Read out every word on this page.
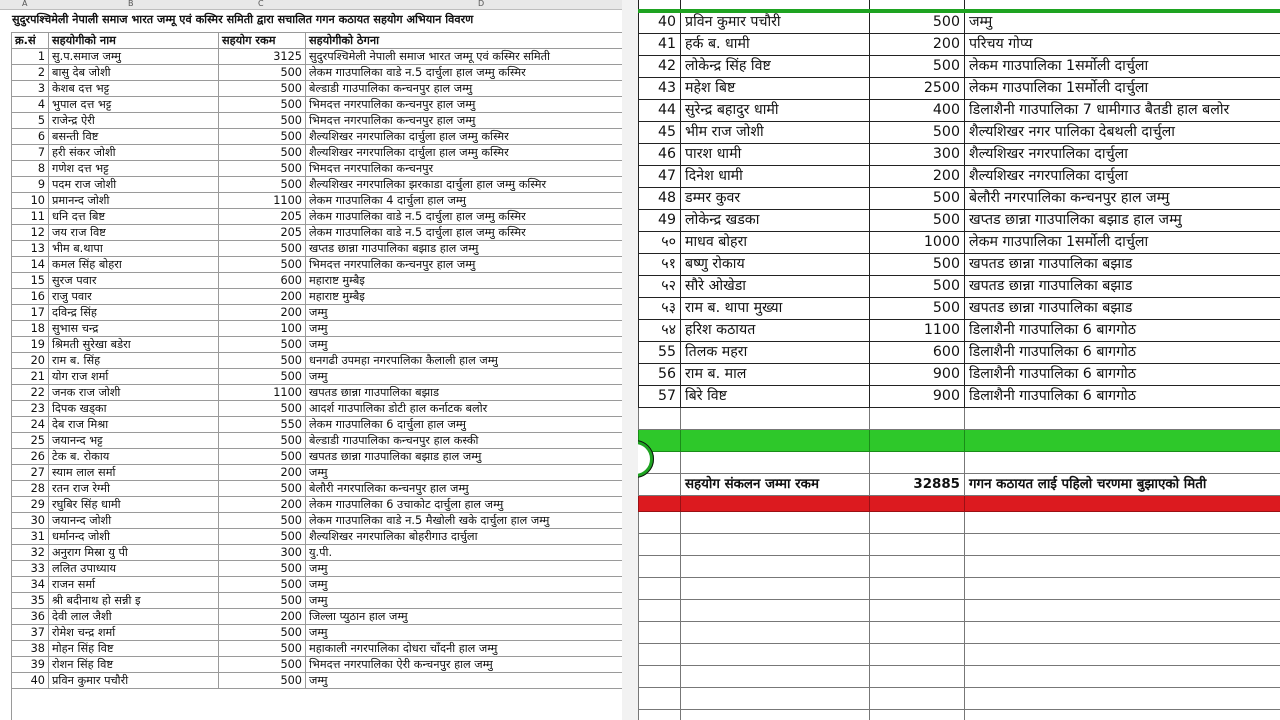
A	B	C	D
सुदुरपश्चिमेली नेपाली समाज भारत जम्मू एवं कस्मिर समिती द्वारा सचालित गगन कठायत सहयोग अभियान विवरण
क्र.सं	सहयोगीको नाम	सहयोग रकम	सहयोगीको ठेगना
1	सु.प.समाज जम्मु	3125	सुदुरपश्चिमेली नेपाली समाज भारत जम्मू एवं कस्मिर समिती
2	बासु देब जोशी	500	लेकम गाउपालिका वाडे न.5 दार्चुला हाल जम्मु कस्मिर
3	केशब दत्त भट्ट	500	बेल्डाडी गाउपालिका कन्चनपुर हाल जम्मु
4	भुपाल दत्त भट्ट	500	भिमदत्त नगरपालिका कन्चनपुर हाल जम्मु
5	राजेन्द्र ऐरी	500	भिमदत्त नगरपालिका कन्चनपुर हाल जम्मु
6	बसन्ती विष्ट	500	शैल्यशिखर नगरपालिका दार्चुला हाल जम्मु कस्मिर
7	हरी संकर जोशी	500	शैल्यशिखर नगरपालिका दार्चुला हाल जम्मु कस्मिर
8	गणेश दत्त भट्ट	500	भिमदत्त नगरपालिका कन्चनपुर
9	पदम राज जोशी	500	शैल्यशिखर नगरपालिका झरकाडा दार्चुला हाल जम्मु कस्मिर
10	प्रमानन्द जोशी	1100	लेकम गाउपालिका 4 दार्चुला हाल जम्मु
11	धनि दत्त बिष्ट	205	लेकम गाउपालिका वाडे न.5 दार्चुला हाल जम्मु कस्मिर
12	जय राज विष्ट	205	लेकम गाउपालिका वाडे न.5 दार्चुला हाल जम्मु कस्मिर
13	भीम ब.थापा	500	खप्तड छान्ना गाउपालिका बझाड हाल जम्मु
14	कमल सिंह बोहरा	500	भिमदत्त नगरपालिका कन्चनपुर हाल जम्मु
15	सुरज पवार	600	महाराष्ट मुम्बैइ
16	राजु पवार	200	महाराष्ट मुम्बैइ
17	दविन्द्र सिंह	200	जम्मु
18	सुभास चन्द्र	100	जम्मु
19	श्रिमती सुरेखा बडेरा	500	जम्मु
20	राम ब. सिंह	500	धनगढी उपमहा नगरपालिका कैलाली हाल जम्मु
21	योग राज शर्मा	500	जम्मु
22	जनक राज जोशी	1100	खपतड छान्ना गाउपालिका बझाड
23	दिपक खड्का	500	आदर्श गाउपालिका डोटी हाल कर्नाटक बलोर
24	देब राज मिश्रा	550	लेकम गाउपालिका 6 दार्चुला हाल जम्मु
25	जयानन्द भट्ट	500	बेल्डाडी गाउपालिका कन्चनपुर हाल कस्की
26	टेक ब. रोकाय	500	खपतड छान्ना गाउपालिका बझाड हाल जम्मु
27	स्याम लाल सर्मा	200	जम्मु
28	रतन राज रेग्मी	500	बेलौरी नगरपालिका कन्चनपुर हाल जम्मु
29	रघुबिर सिंह धामी	200	लेकम गाउपालिका 6 उचाकोट दार्चुला हाल जम्मु
30	जयानन्द जोशी	500	लेकम गाउपालिका वाडे न.5 मैखोली खके दार्चुला हाल जम्मु
31	धर्मानन्द जोशी	500	शैल्यशिखर नगरपालिका बोहरीगाउ दार्चुला
32	अनुराग मिस्रा यु पी	300	यु.पी.
33	ललित उपाध्याय	500	जम्मु
34	राजन सर्मा	500	जम्मु
35	श्री बदीनाथ हो सन्नी इ	500	जम्मु
36	देवी लाल जैशी	200	जिल्ला प्युठान हाल जम्मु
37	रोमेश चन्द्र शर्मा	500	जम्मु
38	मोहन सिंह विष्ट	500	महाकाली नगरपालिका दोधरा चाँदनी हाल जम्मु
39	रोशन सिंह विष्ट	500	भिमदत्त नगरपालिका ऐरी कन्चनपुर हाल जम्मु
40	प्रविन कुमार पचौरी	500	जम्मु

40	प्रविन कुमार पचौरी	500	जम्मु
41	हर्क ब. धामी	200	परिचय गोप्य
42	लोकेन्द्र सिंह विष्ट	500	लेकम गाउपालिका 1सर्मोली दार्चुला
43	महेश बिष्ट	2500	लेकम गाउपालिका 1सर्मोली दार्चुला
44	सुरेन्द्र बहादुर धामी	400	डिलाशैनी गाउपालिका 7 धामीगाउ बैतडी हाल बलोर
45	भीम राज जोशी	500	शैल्यशिखर नगर पालिका देबथली दार्चुला
46	पारश धामी	300	शैल्यशिखर नगरपालिका दार्चुला
47	दिनेश धामी	200	शैल्यशिखर नगरपालिका दार्चुला
48	डम्मर कुवर	500	बेलौरी नगरपालिका कन्चनपुर हाल जम्मु
49	लोकेन्द्र खडका	500	खप्तड छान्ना गाउपालिका बझाड हाल जम्मु
५०	माधव बोहरा	1000	लेकम गाउपालिका 1सर्मोली दार्चुला
५१	बष्णु रोकाय	500	खपतड छान्ना गाउपालिका बझाड
५२	सौरे ओखेडा	500	खपतड छान्ना गाउपालिका बझाड
५३	राम ब. थापा मुख्या	500	खपतड छान्ना गाउपालिका बझाड
५४	हरिश कठायत	1100	डिलाशैनी गाउपालिका 6 बागगोठ
55	तिलक महरा	600	डिलाशैनी गाउपालिका 6 बागगोठ
56	राम ब. माल	900	डिलाशैनी गाउपालिका 6 बागगोठ
57	बिरे विष्ट	900	डिलाशैनी गाउपालिका 6 बागगोठ

	सहयोग संकलन जम्मा रकम	32885	गगन कठायत लाई पहिलो चरणमा बुझाएको मिती
